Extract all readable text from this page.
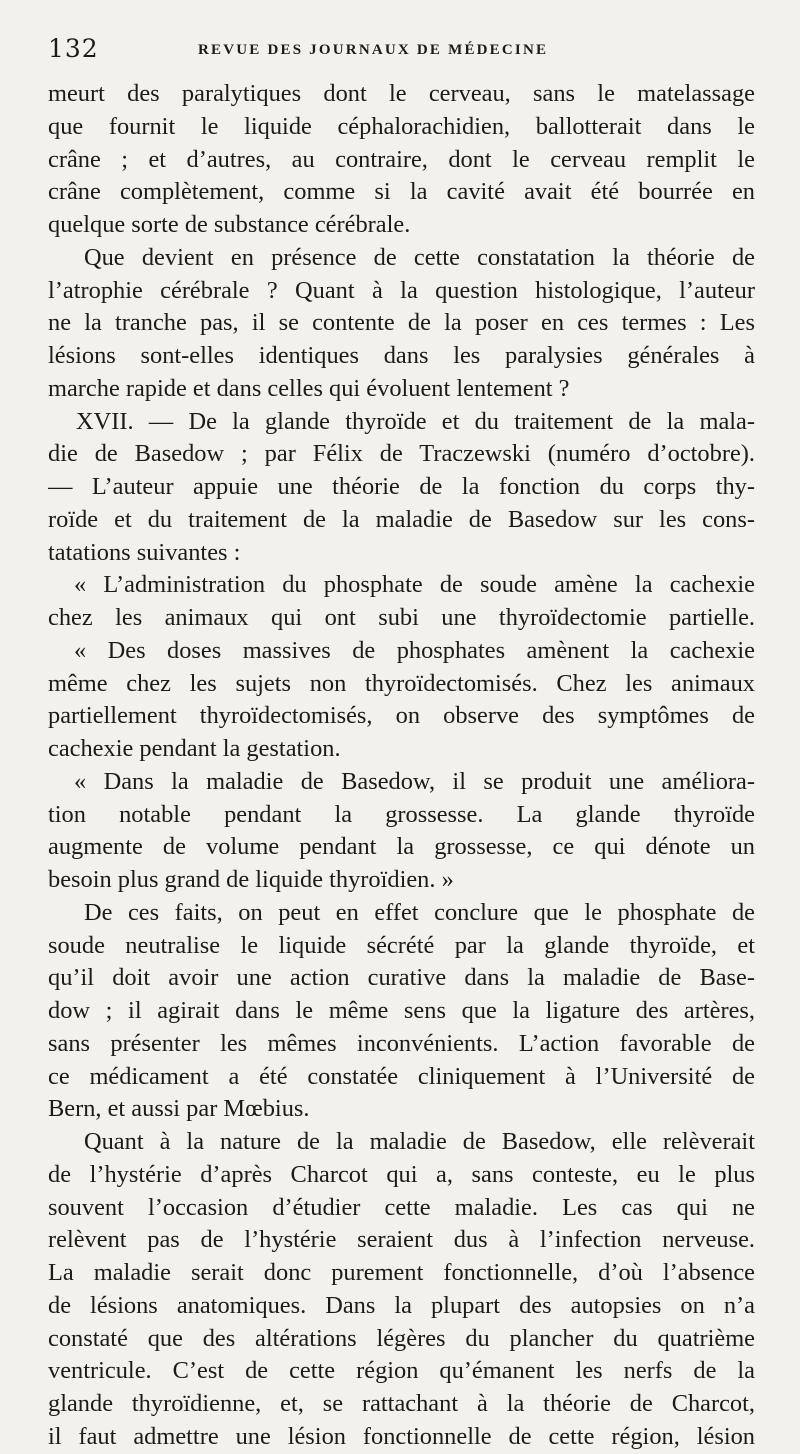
132	REVUE DES JOURNAUX DE MÉDECINE

meurt des paralytiques dont le cerveau, sans le matelassage

que fournit le liquide céphalorachidien, ballotterait dans le

crâne ; et d’autres, au contraire, dont le cerveau remplit le

crâne complètement, comme si la cavité avait été bourrée en

quelque sorte de substance cérébrale.

Que devient en présence de cette constatation la théorie de

l’atrophie cérébrale ? Quant à la question histologique, l’auteur

ne la tranche pas, il se contente de la poser en ces termes : Les

lésions sont-elles identiques dans les paralysies générales à

marche rapide et dans celles qui évoluent lentement ?

XVII. — De la glande thyroïde et du traitement de la mala-

die de Basedow ; par Félix de Traczewski (numéro d’octobre).

— L’auteur appuie une théorie de la fonction du corps thy-

roïde et du traitement de la maladie de Basedow sur les cons-

tatations suivantes :

« L’administration du phosphate de soude amène la cachexie

chez les animaux qui ont subi une thyroïdectomie partielle.

« Des doses massives de phosphates amènent la cachexie

même chez les sujets non thyroïdectomisés. Chez les animaux

partiellement thyroïdectomisés, on observe des symptômes de

cachexie pendant la gestation.

« Dans la maladie de Basedow, il se produit une améliora-

tion notable pendant la grossesse. La glande thyroïde

augmente de volume pendant la grossesse, ce qui dénote un

besoin plus grand de liquide thyroïdien. »

De ces faits, on peut en effet conclure que le phosphate de

soude neutralise le liquide sécrété par la glande thyroïde, et

qu’il doit avoir une action curative dans la maladie de Base-

dow ; il agirait dans le même sens que la ligature des artères,

sans présenter les mêmes inconvénients. L’action favorable de

ce médicament a été constatée cliniquement à l’Université de

Bern, et aussi par Mœbius.

Quant à la nature de la maladie de Basedow, elle relèverait

de l’hystérie d’après Charcot qui a, sans conteste, eu le plus

souvent l’occasion d’étudier cette maladie. Les cas qui ne

relèvent pas de l’hystérie seraient dus à l’infection nerveuse.

La maladie serait donc purement fonctionnelle, d’où l’absence

de lésions anatomiques. Dans la plupart des autopsies on n’a

constaté que des altérations légères du plancher du quatrième

ventricule. C’est de cette région qu’émanent les nerfs de la

glande thyroïdienne, et, se rattachant à la théorie de Charcot,

il faut admettre une lésion fonctionnelle de cette région, lésion
